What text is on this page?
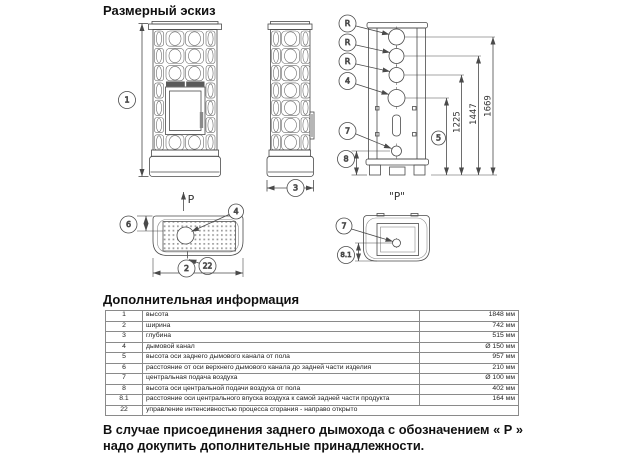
Размерный эскиз
1
P
3
R
R
R
4
7
8
1225 1447 1669
5
4
6
22
2
"P"
7
8.1
Дополнительная информация
1	высота	1848 мм
2	ширина	742 мм
3	глубина	515 мм
4	дымовой канал	Ø 150 мм
5	высота оси заднего дымового канала от пола	957 мм
6	расстояние от оси верхнего дымового канала до задней части изделия	210 мм
7	центральная подача воздуха	Ø 100 мм
8	высота оси центральной подачи воздуха от пола	402 мм
8.1	расстояние оси центрального впуска воздуха к самой задней части продукта	164 мм
22	управление интенсивностью процесса сгорания - направо открыто	
В случае присоединения заднего дымохода с обозначением « Р »
надо докупить дополнительные принадлежности.
